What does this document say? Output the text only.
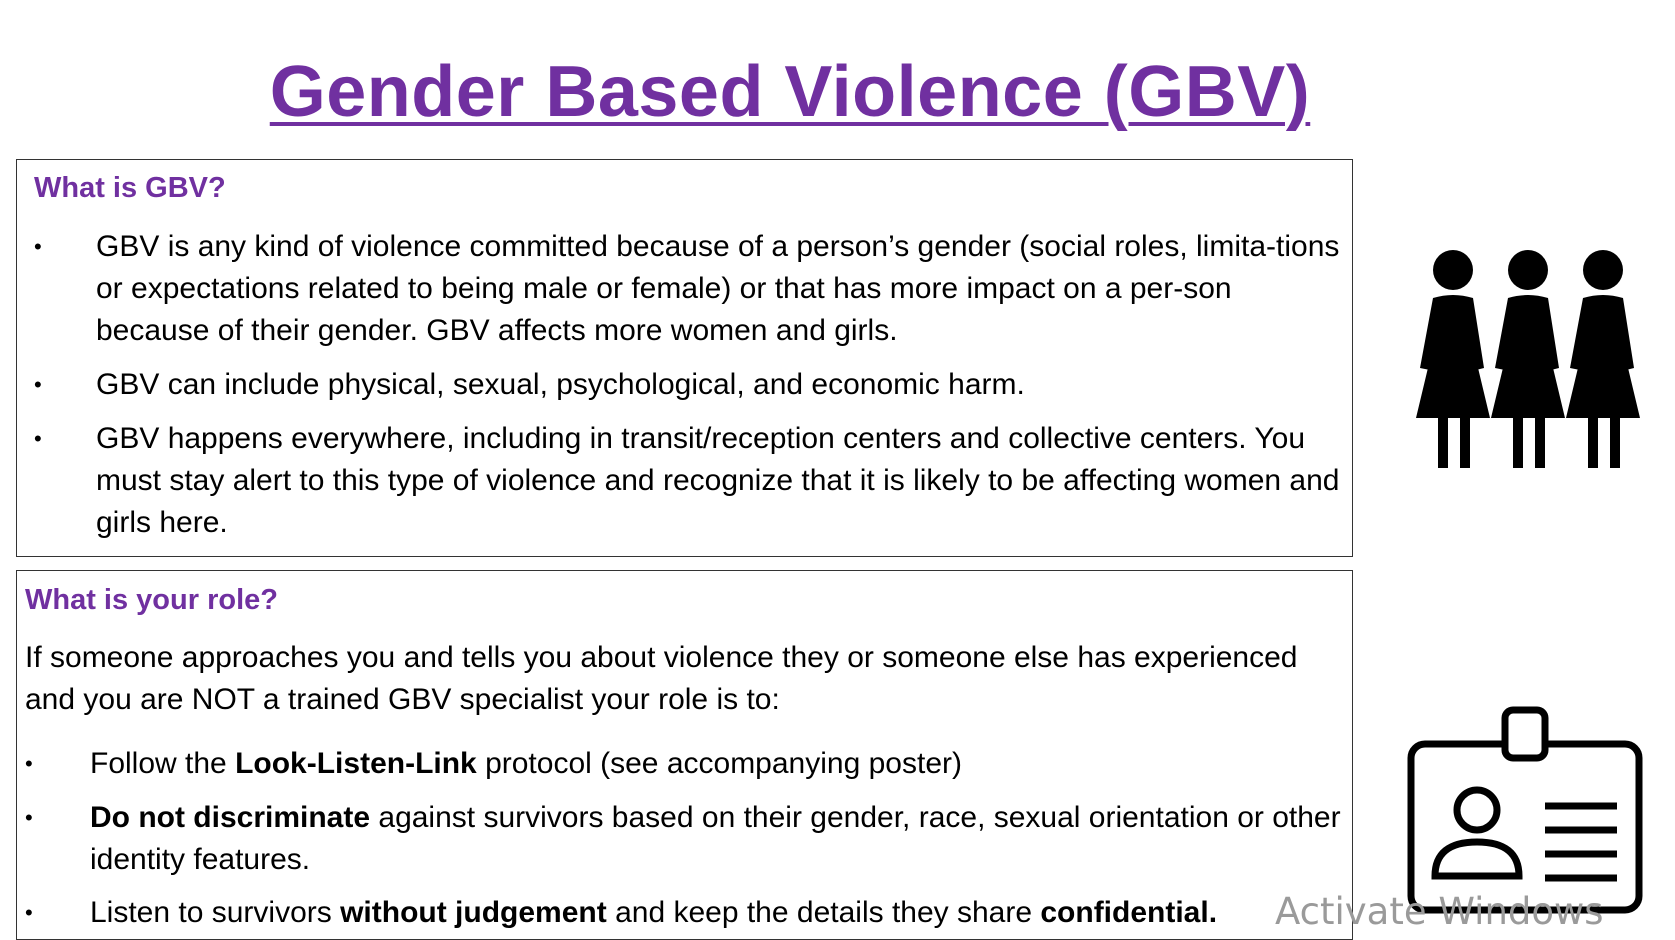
Gender Based Violence (GBV)
What is GBV?
• GBV is any kind of violence committed because of a person’s gender (social roles, limita-tions or expectations related to being male or female) or that has more impact on a per-son because of their gender. GBV affects more women and girls.
• GBV can include physical, sexual, psychological, and economic harm.
• GBV happens everywhere, including in transit/reception centers and collective centers. You must stay alert to this type of violence and recognize that it is likely to be affecting women and girls here.
What is your role?
If someone approaches you and tells you about violence they or someone else has experienced and you are NOT a trained GBV specialist your role is to:
• Follow the Look-Listen-Link protocol (see accompanying poster)
• Do not discriminate against survivors based on their gender, race, sexual orientation or other identity features.
• Listen to survivors without judgement and keep the details they share confidential.	Activate Windows
